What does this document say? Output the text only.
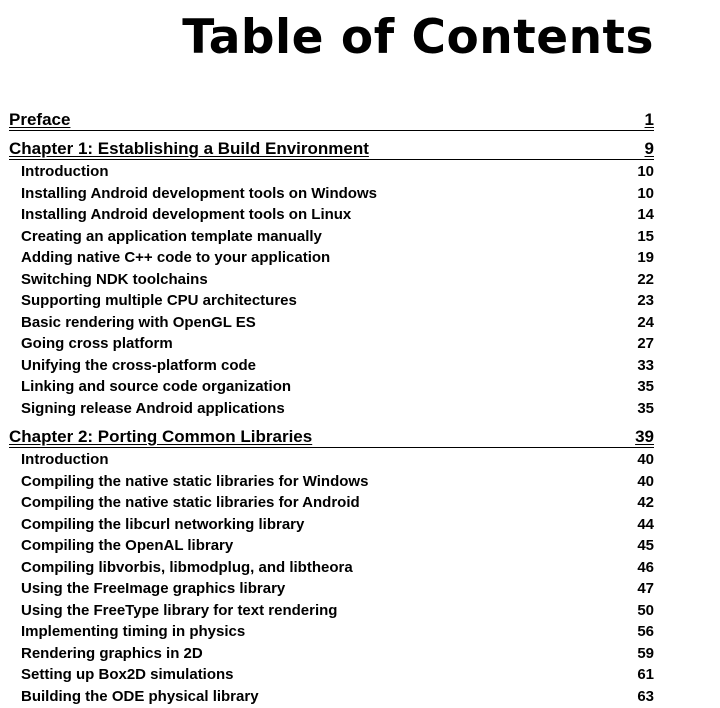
Table of Contents
Preface	1
Chapter 1: Establishing a Build Environment	9
Introduction	10
Installing Android development tools on Windows	10
Installing Android development tools on Linux	14
Creating an application template manually	15
Adding native C++ code to your application	19
Switching NDK toolchains	22
Supporting multiple CPU architectures	23
Basic rendering with OpenGL ES	24
Going cross platform	27
Unifying the cross-platform code	33
Linking and source code organization	35
Signing release Android applications	35
Chapter 2: Porting Common Libraries	39
Introduction	40
Compiling the native static libraries for Windows	40
Compiling the native static libraries for Android	42
Compiling the libcurl networking library	44
Compiling the OpenAL library	45
Compiling libvorbis, libmodplug, and libtheora	46
Using the FreeImage graphics library	47
Using the FreeType library for text rendering	50
Implementing timing in physics	56
Rendering graphics in 2D	59
Setting up Box2D simulations	61
Building the ODE physical library	63
